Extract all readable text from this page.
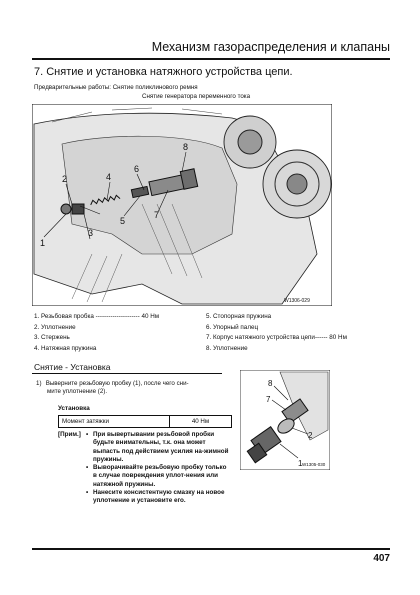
Механизм газораспределения и клапаны
7. Снятие и установка натяжного устройства цепи.
Предварительные работы: Снятие поликлинового ремня
Снятие генератора переменного тока
1
2
3
4
5
6
7
8
W1306-029
1. Резьбовая пробка --------------------- 40 Нм
2. Уплотнение
3. Стержень
4. Натяжная пружина
5. Стопорная пружина
6. Упорный палец
7. Корпус натяжного устройства цепи------ 80 Нм
8. Уплотнение
Снятие - Установка
1) Выверните резьбовую пробку (1), после чего сни-
мите уплотнение (2).
Установка
Момент затяжки	40 Нм
[Прим.]
•	При вывертывании резьбовой пробки будьте внимательны, т.к. она может выпасть под действием усилия на-жимной пружины.
• Выворачивайте резьбовую пробку только в случае повреждения уплот-нения или натяжной пружины.
• Нанесите консистентную смазку на новое уплотнение и установите его.
8
7
2
1 W1305-030
407
